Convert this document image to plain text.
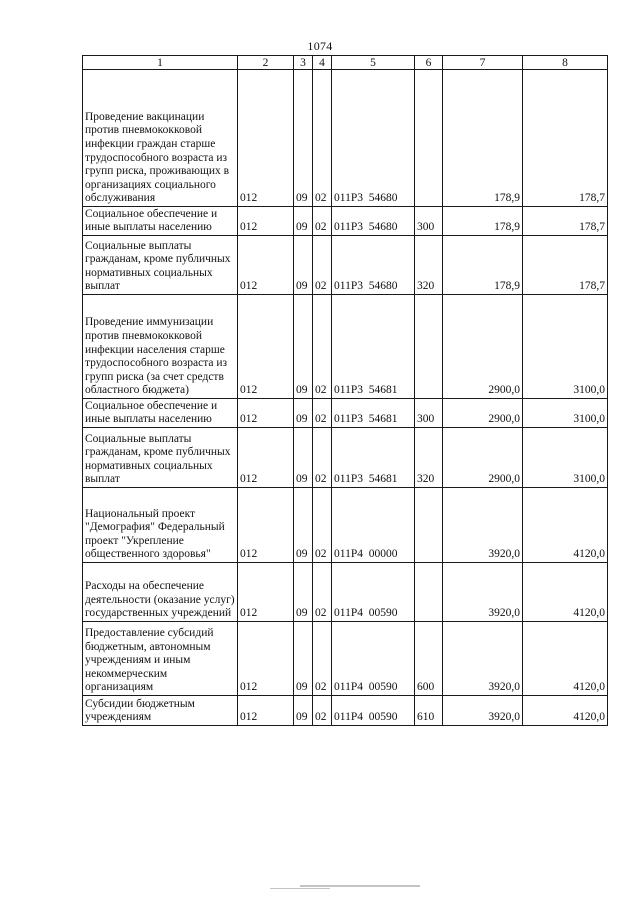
1074
1	2	3	4	5	6	7	8
Проведение вакцинации против пневмококковой инфекции граждан старше трудоспособного возраста из групп риска, проживающих в организациях социального обслуживания	012	09	02	011P3  54680		178,9	178,7
Социальное обеспечение и иные выплаты населению	012	09	02	011P3  54680	300	178,9	178,7
Социальные выплаты гражданам, кроме публичных нормативных социальных выплат	012	09	02	011P3  54680	320	178,9	178,7
Проведение иммунизации против пневмококковой инфекции населения старше трудоспособного возраста из групп риска (за счет средств областного бюджета)	012	09	02	011P3  54681		2900,0	3100,0
Социальное обеспечение и иные выплаты населению	012	09	02	011P3  54681	300	2900,0	3100,0
Социальные выплаты гражданам, кроме публичных нормативных социальных выплат	012	09	02	011P3  54681	320	2900,0	3100,0
Национальный проект "Демография" Федеральный проект "Укрепление общественного здоровья"	012	09	02	011P4  00000		3920,0	4120,0
Расходы на обеспечение деятельности (оказание услуг) государственных учреждений	012	09	02	011P4  00590		3920,0	4120,0
Предоставление субсидий бюджетным, автономным учреждениям и иным некоммерческим организациям	012	09	02	011P4  00590	600	3920,0	4120,0
Субсидии бюджетным учреждениям	012	09	02	011P4  00590	610	3920,0	4120,0
